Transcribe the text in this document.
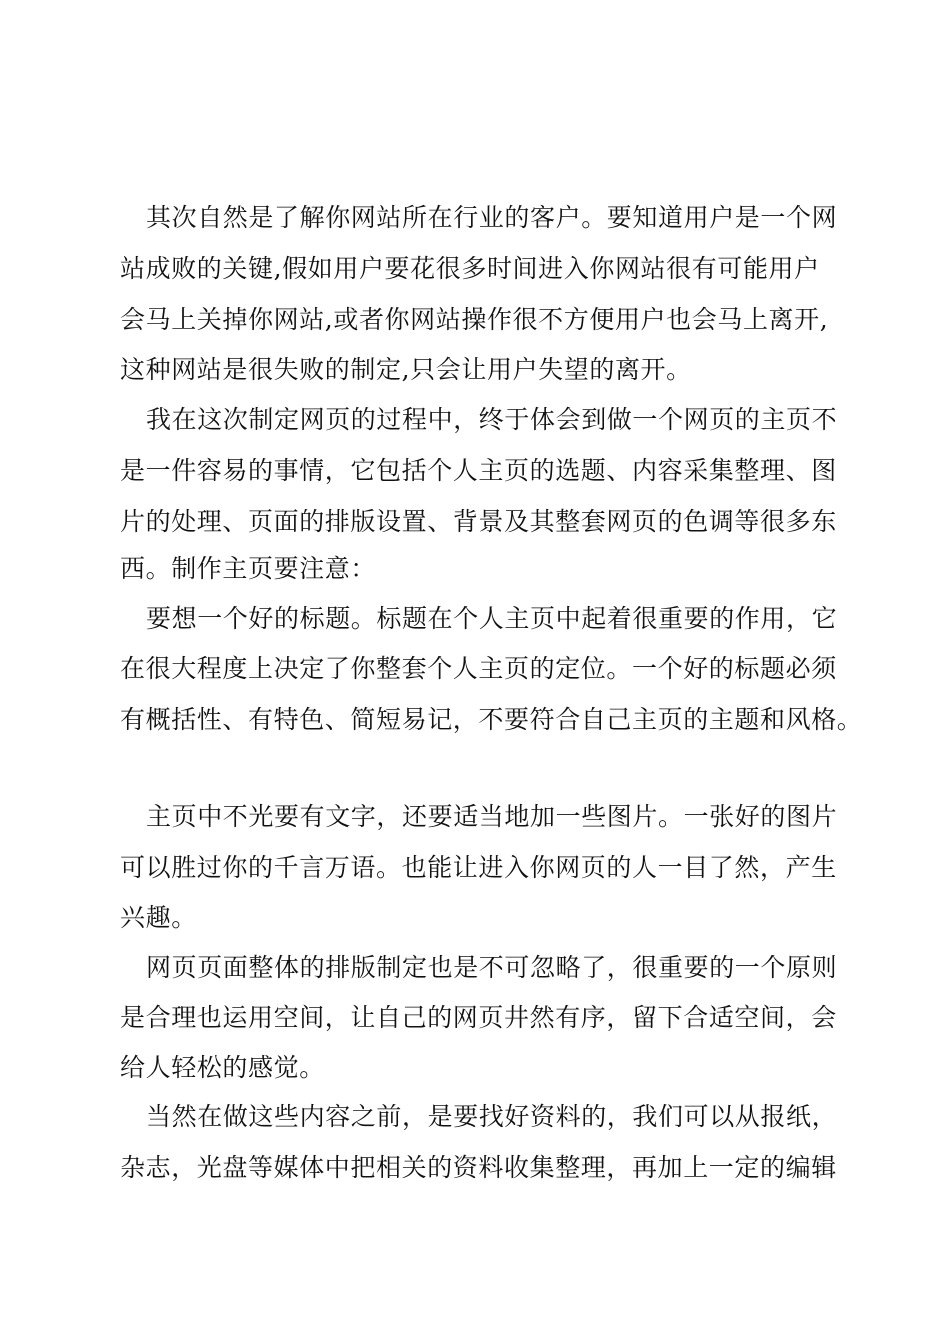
其次自然是了解你网站所在行业的客户。要知道用户是一个网
站成败的关键,假如用户要花很多时间进入你网站很有可能用户
会马上关掉你网站,或者你网站操作很不方便用户也会马上离开,
这种网站是很失败的制定,只会让用户失望的离开。
我在这次制定网页的过程中，终于体会到做一个网页的主页不
是一件容易的事情，它包括个人主页的选题、内容采集整理、图
片的处理、页面的排版设置、背景及其整套网页的色调等很多东
西。制作主页要注意：
要想一个好的标题。标题在个人主页中起着很重要的作用，它
在很大程度上决定了你整套个人主页的定位。一个好的标题必须
有概括性、有特色、简短易记，不要符合自己主页的主题和风格。
主页中不光要有文字，还要适当地加一些图片。一张好的图片
可以胜过你的千言万语。也能让进入你网页的人一目了然，产生
兴趣。
网页页面整体的排版制定也是不可忽略了，很重要的一个原则
是合理也运用空间，让自己的网页井然有序，留下合适空间，会
给人轻松的感觉。
当然在做这些内容之前，是要找好资料的，我们可以从报纸，
杂志，光盘等媒体中把相关的资料收集整理，再加上一定的编辑
